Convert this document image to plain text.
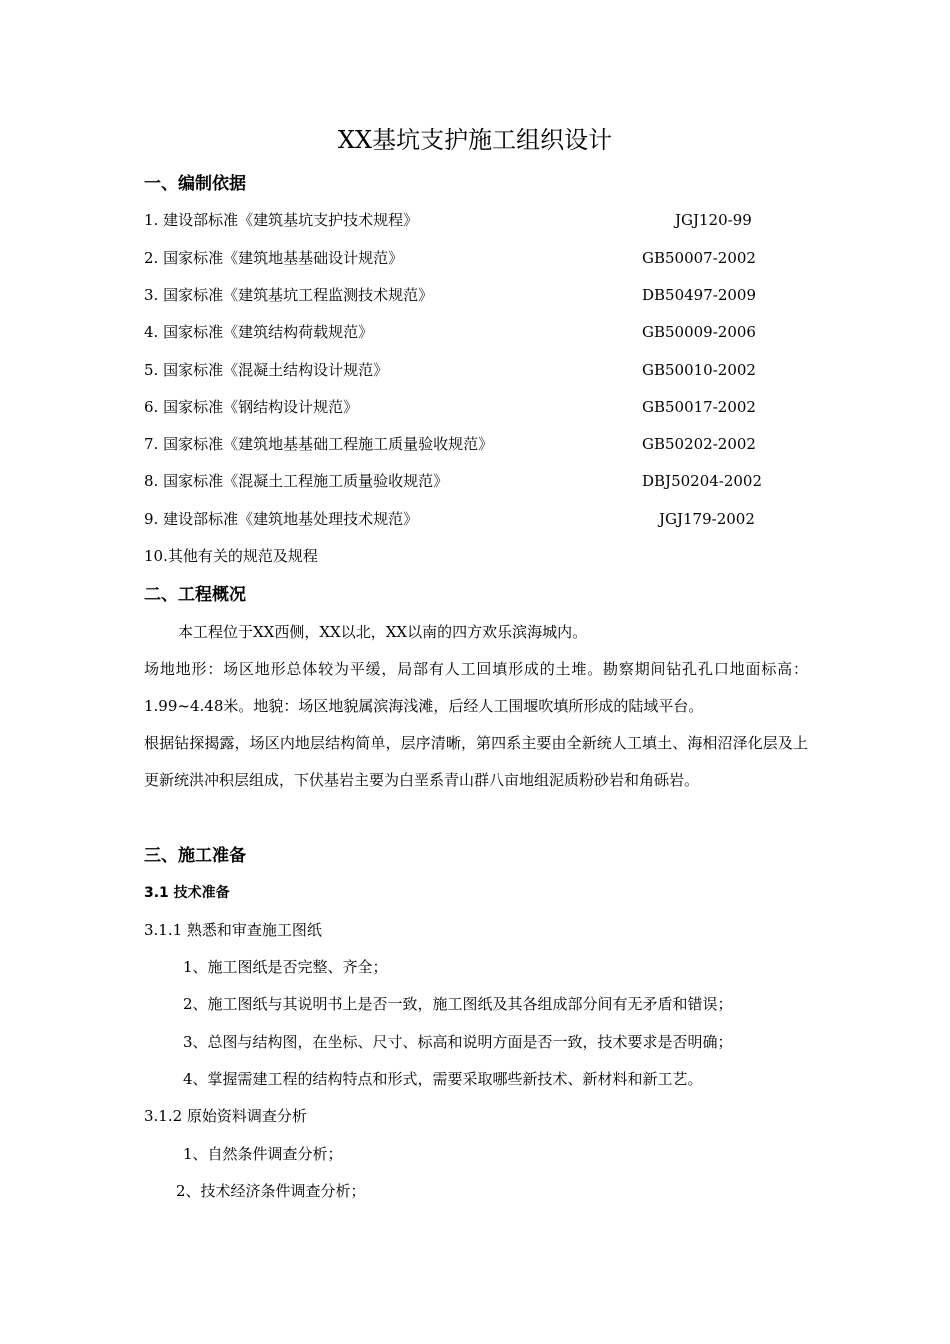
XX基坑支护施工组织设计
一、编制依据
1. 建设部标准《建筑基坑支护技术规程》	JGJ120-99
2. 国家标准《建筑地基基础设计规范》	GB50007-2002
3. 国家标准《建筑基坑工程监测技术规范》	DB50497-2009
4. 国家标准《建筑结构荷载规范》	GB50009-2006
5. 国家标准《混凝土结构设计规范》	GB50010-2002
6. 国家标准《钢结构设计规范》	GB50017-2002
7. 国家标准《建筑地基基础工程施工质量验收规范》	GB50202-2002
8. 国家标准《混凝土工程施工质量验收规范》	DBJ50204-2002
9. 建设部标准《建筑地基处理技术规范》	JGJ179-2002
10.其他有关的规范及规程
二、工程概况
本工程位于XX西侧，XX以北，XX以南的四方欢乐滨海城内。
场地地形：场区地形总体较为平缓，局部有人工回填形成的土堆。勘察期间钻孔孔口地面标高：1.99~4.48米。地貌：场区地貌属滨海浅滩，后经人工围堰吹填所形成的陆域平台。
根据钻探揭露，场区内地层结构简单，层序清晰，第四系主要由全新统人工填土、海相沼泽化层及上更新统洪冲积层组成，下伏基岩主要为白垩系青山群八亩地组泥质粉砂岩和角砾岩。
三、施工准备
3.1 技术准备
3.1.1 熟悉和审查施工图纸
1、施工图纸是否完整、齐全；
2、施工图纸与其说明书上是否一致，施工图纸及其各组成部分间有无矛盾和错误；
3、总图与结构图，在坐标、尺寸、标高和说明方面是否一致，技术要求是否明确；
4、掌握需建工程的结构特点和形式，需要采取哪些新技术、新材料和新工艺。
3.1.2 原始资料调查分析
1、自然条件调查分析；
2、技术经济条件调查分析；
